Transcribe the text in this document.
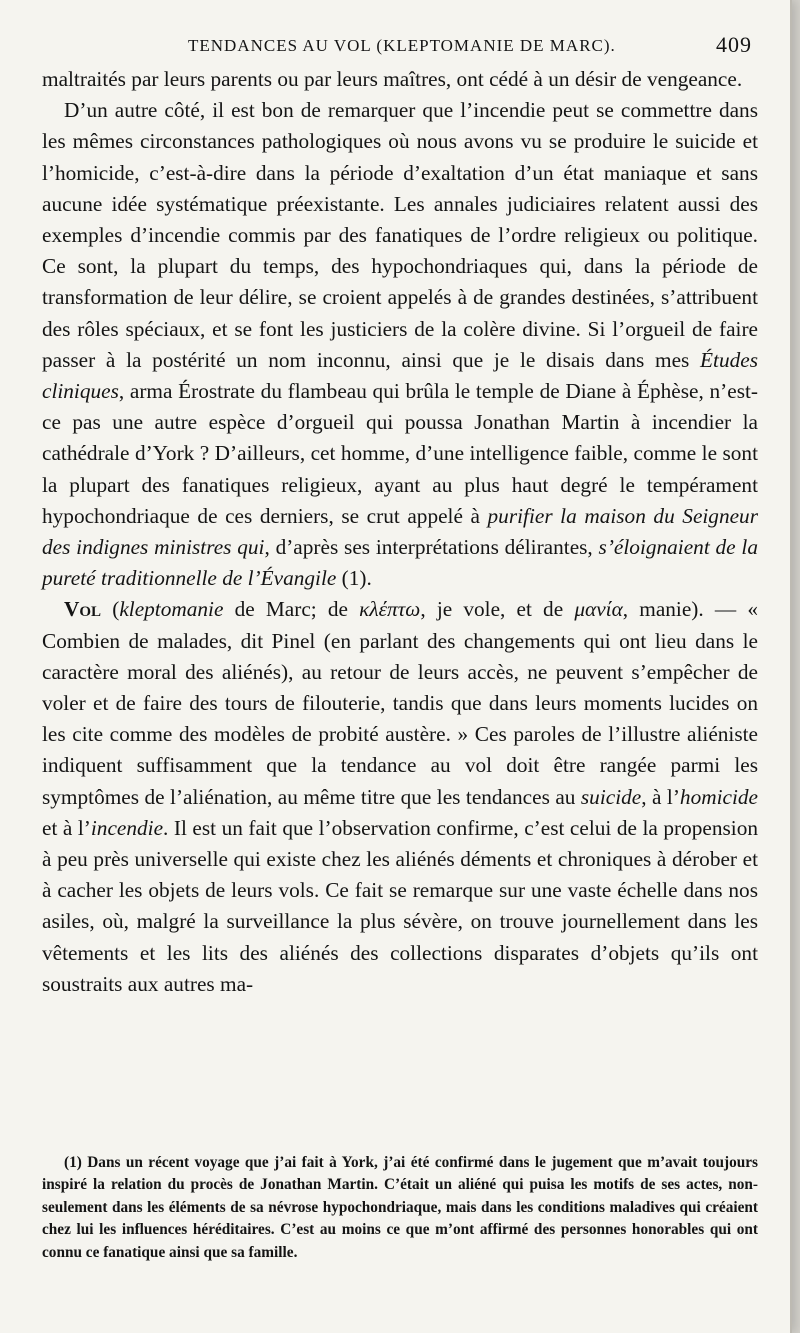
TENDANCES AU VOL (KLEPTOMANIE DE MARC).	409

maltraités par leurs parents ou par leurs maîtres, ont cédé à un désir de vengeance.

D’un autre côté, il est bon de remarquer que l’incendie peut se commettre dans les mêmes circonstances pathologiques où nous avons vu se produire le suicide et l’homicide, c’est-à-dire dans la période d’exaltation d’un état maniaque et sans aucune idée systématique préexistante. Les annales judiciaires relatent aussi des exemples d’incendie commis par des fanatiques de l’ordre religieux ou politique. Ce sont, la plupart du temps, des hypochondriaques qui, dans la période de transformation de leur délire, se croient appelés à de grandes destinées, s’attribuent des rôles spéciaux, et se font les justiciers de la colère divine. Si l’orgueil de faire passer à la postérité un nom inconnu, ainsi que je le disais dans mes Études cliniques, arma Érostrate du flambeau qui brûla le temple de Diane à Éphèse, n’est-ce pas une autre espèce d’orgueil qui poussa Jonathan Martin à incendier la cathédrale d’York ? D’ailleurs, cet homme, d’une intelligence faible, comme le sont la plupart des fanatiques religieux, ayant au plus haut degré le tempérament hypochondriaque de ces derniers, se crut appelé à purifier la maison du Seigneur des indignes ministres qui, d’après ses interprétations délirantes, s’éloignaient de la pureté traditionnelle de l’Évangile (1).

Vol (kleptomanie de Marc; de κλέπτω, je vole, et de μανία, manie). — « Combien de malades, dit Pinel (en parlant des changements qui ont lieu dans le caractère moral des aliénés), au retour de leurs accès, ne peuvent s’empêcher de voler et de faire des tours de filouterie, tandis que dans leurs moments lucides on les cite comme des modèles de probité austère. » Ces paroles de l’illustre aliéniste indiquent suffisamment que la tendance au vol doit être rangée parmi les symptômes de l’aliénation, au même titre que les tendances au suicide, à l’homicide et à l’incendie. Il est un fait que l’observation confirme, c’est celui de la propension à peu près universelle qui existe chez les aliénés déments et chroniques à dérober et à cacher les objets de leurs vols. Ce fait se remarque sur une vaste échelle dans nos asiles, où, malgré la surveillance la plus sévère, on trouve journellement dans les vêtements et les lits des aliénés des collections disparates d’objets qu’ils ont soustraits aux autres ma-

(1) Dans un récent voyage que j’ai fait à York, j’ai été confirmé dans le jugement que m’avait toujours inspiré la relation du procès de Jonathan Martin. C’était un aliéné qui puisa les motifs de ses actes, non-seulement dans les éléments de sa névrose hypochondriaque, mais dans les conditions maladives qui créaient chez lui les influences héréditaires. C’est au moins ce que m’ont affirmé des personnes honorables qui ont connu ce fanatique ainsi que sa famille.
